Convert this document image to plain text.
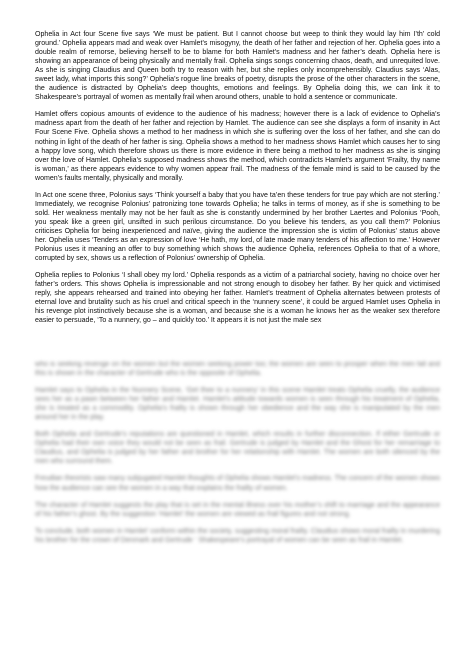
Ophelia in Act four Scene five says ‘We must be patient. But I cannot choose but weep to think they would lay him I’th’ cold ground.’ Ophelia appears mad and weak over Hamlet’s misogyny, the death of her father and rejection of her. Ophelia goes into a double realm of remorse, believing herself to be to blame for both Hamlet’s madness and her father’s death. Ophelia here is showing an appearance of being physically and mentally frail. Ophelia sings songs concerning chaos, death, and unrequited love. As she is singing Claudius and Queen both try to reason with her, but she replies only incomprehensibly. Claudius says ‘Alas, sweet lady, what imports this song?’ Ophelia’s rogue line breaks of poetry, disrupts the prose of the other characters in the scene, the audience is distracted by Ophelia’s deep thoughts, emotions and feelings. By Ophelia doing this, we can link it to Shakespeare’s portrayal of women as mentally frail when around others, unable to hold a sentence or communicate.

Hamlet offers copious amounts of evidence to the audience of his madness; however there is a lack of evidence to Ophelia’s madness apart from the death of her father and rejection by Hamlet. The audience can see she displays a form of insanity in Act Four Scene Five. Ophelia shows a method to her madness in which she is suffering over the loss of her father, and she can do nothing in light of the death of her father is sing. Ophelia shows a method to her madness shows Hamlet which causes her to sing a happy love song, which therefore shows us there is more evidence in there being a method to her madness as she is singing over the love of Hamlet. Ophelia’s supposed madness shows the method, which contradicts Hamlet’s argument ‘Frailty, thy name is woman,’ as there appears evidence to why women appear frail. The madness of the female mind is said to be caused by the women’s faults mentally, physically and morally.

In Act one scene three, Polonius says ‘Think yourself a baby that you have ta’en these tenders for true pay which are not sterling.’ Immediately, we recognise Polonius’ patronizing tone towards Ophelia; he talks in terms of money, as if she is something to be sold. Her weakness mentally may not be her fault as she is constantly undermined by her brother Laertes and Polonius ‘Pooh, you speak like a green girl, unsifted in such perilous circumstance. Do you believe his tenders, as you call them?’ Polonius criticises Ophelia for being inexperienced and naïve, giving the audience the impression she is victim of Polonius’ status above her. Ophelia uses ‘Tenders as an expression of love ‘He hath, my lord, of late made many tenders of his affection to me.’ However Polonius uses it meaning an offer to buy something which shows the audience Ophelia, references Ophelia to that of a whore, corrupted by sex, shows us a reflection of Polonius’ ownership of Ophelia.

Ophelia replies to Polonius ‘I shall obey my lord.’ Ophelia responds as a victim of a patriarchal society, having no choice over her father’s orders. This shows Ophelia is impressionable and not strong enough to disobey her father. By her quick and victimised reply, she appears rehearsed and trained into obeying her father. Hamlet’s treatment of Ophelia alternates between protests of eternal love and brutality such as his cruel and critical speech in the ‘nunnery scene’, it could be argued Hamlet uses Ophelia in his revenge plot instinctively because she is a woman, and because she is a woman he knows her as the weaker sex therefore easier to persuade, ‘To a nunnery, go – and quickly too.’ It appears it is not just the male sex

who is seeking revenge on the women but the women seeking power too; the women are seen to prosper when the men fall and this is shown in the character of Gertrude who is the opposite of Ophelia.

Hamlet says to Ophelia in the Nunnery Scene, ‘Get thee to a nunnery’ in this scene Hamlet treats Ophelia cruelly, the audience sees her as a pawn between her father and Hamlet. Hamlet’s attitude towards women is seen through his treatment of Ophelia, she is treated as a commodity. Ophelia’s frailty is shown through her obedience and the way she is manipulated by the men around her in the play.

Both Ophelia and Gertrude’s reputations are questioned in Hamlet, which results in further disconnection. If either Gertrude or Ophelia had their own voice they would not be seen as frail. Gertrude is judged by Hamlet and the Ghost for her remarriage to Claudius, and Ophelia is judged by her father and brother for her relationship with Hamlet. The women are both silenced by the men who surround them.

Freudian theorists saw many subjugated Hamlet thoughts of Ophelia shows Hamlet’s madness. The concern of the women shows how the audience can see the women in a way that explains the frailty of women.

The character of Hamlet suggests the play that is set in the mental illness over his mother’s shift to marriage and the appearance of his father’s ghost. By the suggestion ‘Hamlet’ the women are viewed as frail figures and not strong.

To conclude, both women in Hamlet’ conform within the society, suggesting moral frailty. Claudius shows moral frailty in murdering his brother for the crown of Denmark and Gertrude ‘ Shakespeare’s portrayal of women can be seen as frail in Hamlet.
